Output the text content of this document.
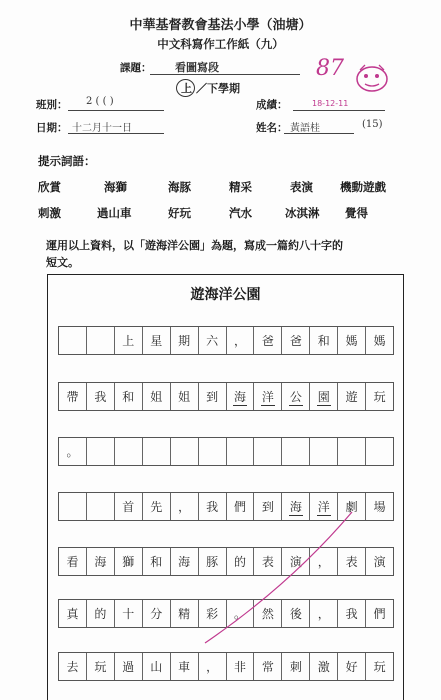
中華基督教會基法小學（油塘）
中文科寫作工作紙（九）
課題： 看圖寫段
上 ／下學期
87
班別： 2 ( ( )	成績：	18-12-11
日期： 十二月十一日	姓名： 黃語桂	(15)
提示詞語：
欣賞	海獅	海豚	精采	表演 機動遊戲
刺激	過山車	好玩	汽水	冰淇淋 覺得
運用以上資料，以「遊海洋公園」為題，寫成一篇約八十字的
短文。
遊海洋公園
上 星 期 六 ， 爸 爸 和 媽 媽
帶 我 和 姐 姐 到 海 洋 公 園 遊 玩
。
首 先 ， 我 們 到 海 洋 劇 場
看 海 獅 和 海 豚 的 表 演 ， 表 演
真 的 十 分 精 彩 。 然 後 ， 我 們
去 玩 過 山 車 ， 非 常 刺 激 好 玩
